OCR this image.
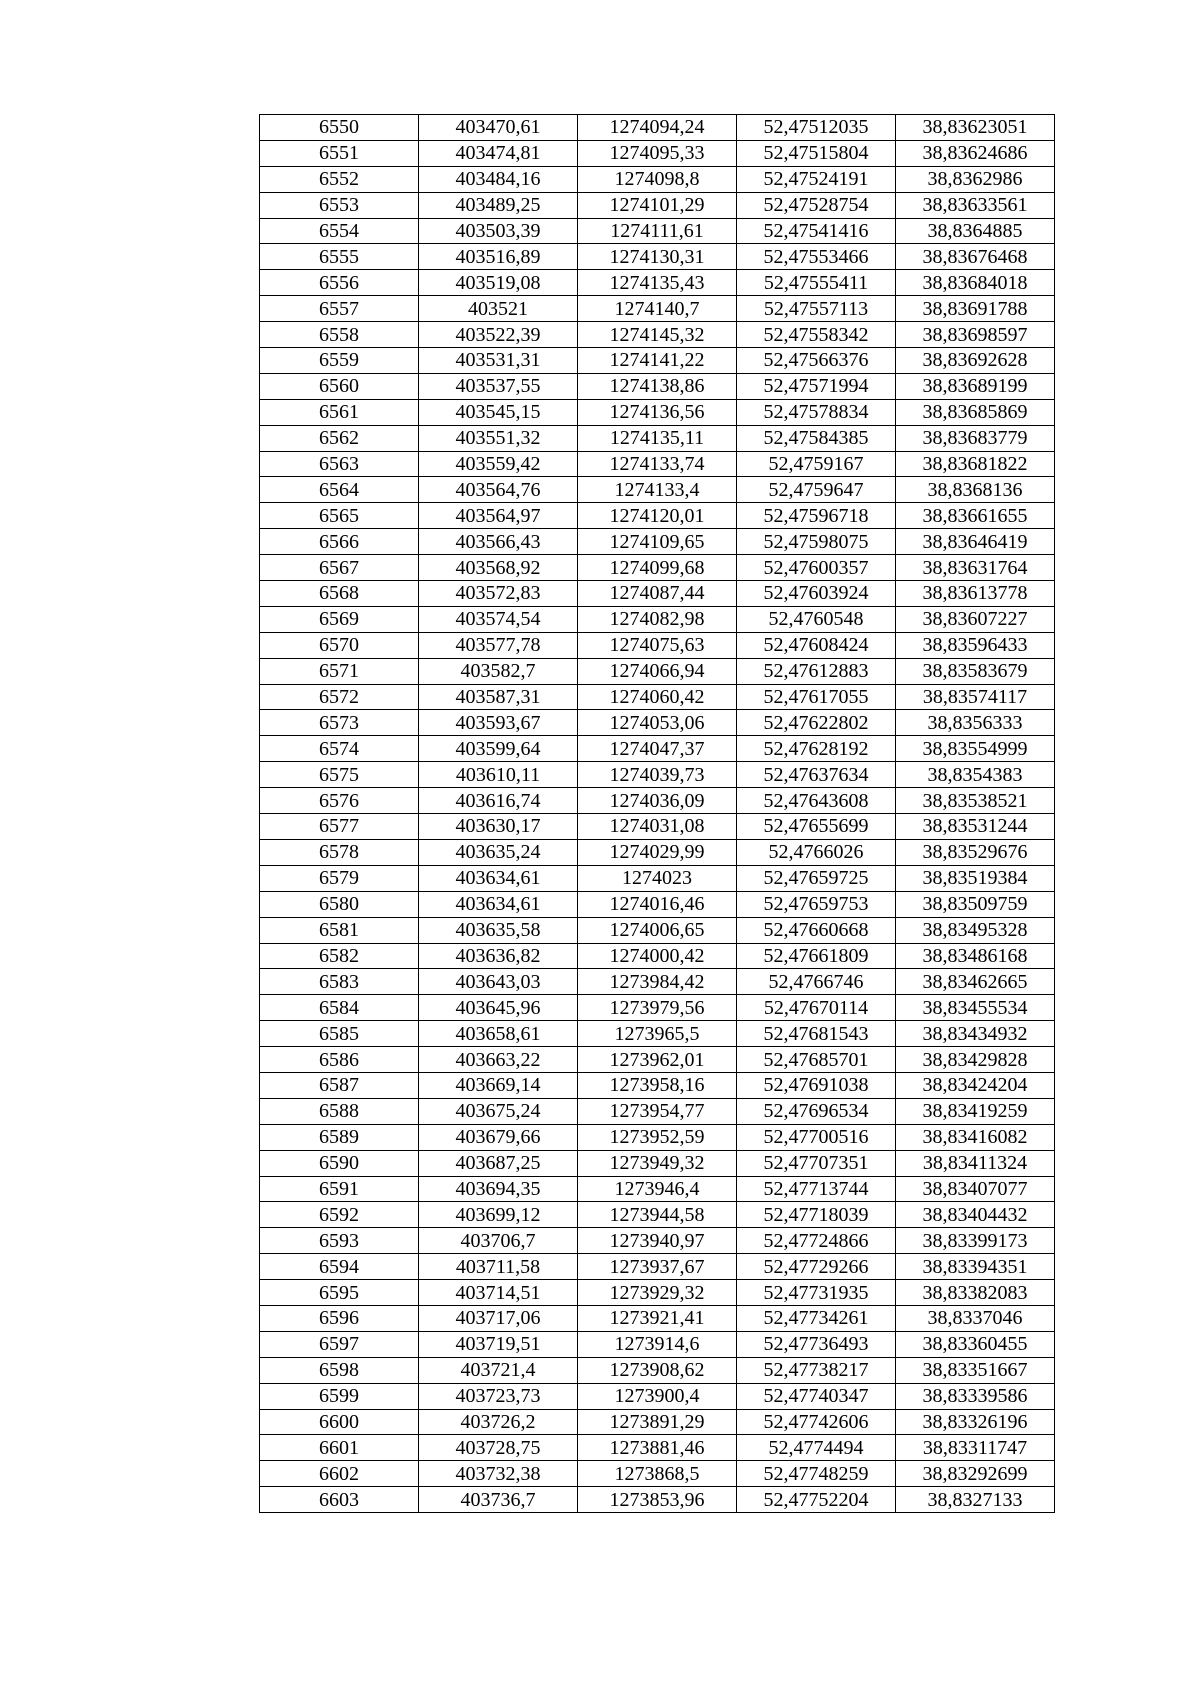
6550	403470,61	1274094,24	52,47512035	38,83623051
6551	403474,81	1274095,33	52,47515804	38,83624686
6552	403484,16	1274098,8	52,47524191	38,8362986
6553	403489,25	1274101,29	52,47528754	38,83633561
6554	403503,39	1274111,61	52,47541416	38,8364885
6555	403516,89	1274130,31	52,47553466	38,83676468
6556	403519,08	1274135,43	52,47555411	38,83684018
6557	403521	1274140,7	52,47557113	38,83691788
6558	403522,39	1274145,32	52,47558342	38,83698597
6559	403531,31	1274141,22	52,47566376	38,83692628
6560	403537,55	1274138,86	52,47571994	38,83689199
6561	403545,15	1274136,56	52,47578834	38,83685869
6562	403551,32	1274135,11	52,47584385	38,83683779
6563	403559,42	1274133,74	52,4759167	38,83681822
6564	403564,76	1274133,4	52,4759647	38,8368136
6565	403564,97	1274120,01	52,47596718	38,83661655
6566	403566,43	1274109,65	52,47598075	38,83646419
6567	403568,92	1274099,68	52,47600357	38,83631764
6568	403572,83	1274087,44	52,47603924	38,83613778
6569	403574,54	1274082,98	52,4760548	38,83607227
6570	403577,78	1274075,63	52,47608424	38,83596433
6571	403582,7	1274066,94	52,47612883	38,83583679
6572	403587,31	1274060,42	52,47617055	38,83574117
6573	403593,67	1274053,06	52,47622802	38,8356333
6574	403599,64	1274047,37	52,47628192	38,83554999
6575	403610,11	1274039,73	52,47637634	38,8354383
6576	403616,74	1274036,09	52,47643608	38,83538521
6577	403630,17	1274031,08	52,47655699	38,83531244
6578	403635,24	1274029,99	52,4766026	38,83529676
6579	403634,61	1274023	52,47659725	38,83519384
6580	403634,61	1274016,46	52,47659753	38,83509759
6581	403635,58	1274006,65	52,47660668	38,83495328
6582	403636,82	1274000,42	52,47661809	38,83486168
6583	403643,03	1273984,42	52,4766746	38,83462665
6584	403645,96	1273979,56	52,47670114	38,83455534
6585	403658,61	1273965,5	52,47681543	38,83434932
6586	403663,22	1273962,01	52,47685701	38,83429828
6587	403669,14	1273958,16	52,47691038	38,83424204
6588	403675,24	1273954,77	52,47696534	38,83419259
6589	403679,66	1273952,59	52,47700516	38,83416082
6590	403687,25	1273949,32	52,47707351	38,83411324
6591	403694,35	1273946,4	52,47713744	38,83407077
6592	403699,12	1273944,58	52,47718039	38,83404432
6593	403706,7	1273940,97	52,47724866	38,83399173
6594	403711,58	1273937,67	52,47729266	38,83394351
6595	403714,51	1273929,32	52,47731935	38,83382083
6596	403717,06	1273921,41	52,47734261	38,8337046
6597	403719,51	1273914,6	52,47736493	38,83360455
6598	403721,4	1273908,62	52,47738217	38,83351667
6599	403723,73	1273900,4	52,47740347	38,83339586
6600	403726,2	1273891,29	52,47742606	38,83326196
6601	403728,75	1273881,46	52,4774494	38,83311747
6602	403732,38	1273868,5	52,47748259	38,83292699
6603	403736,7	1273853,96	52,47752204	38,8327133
